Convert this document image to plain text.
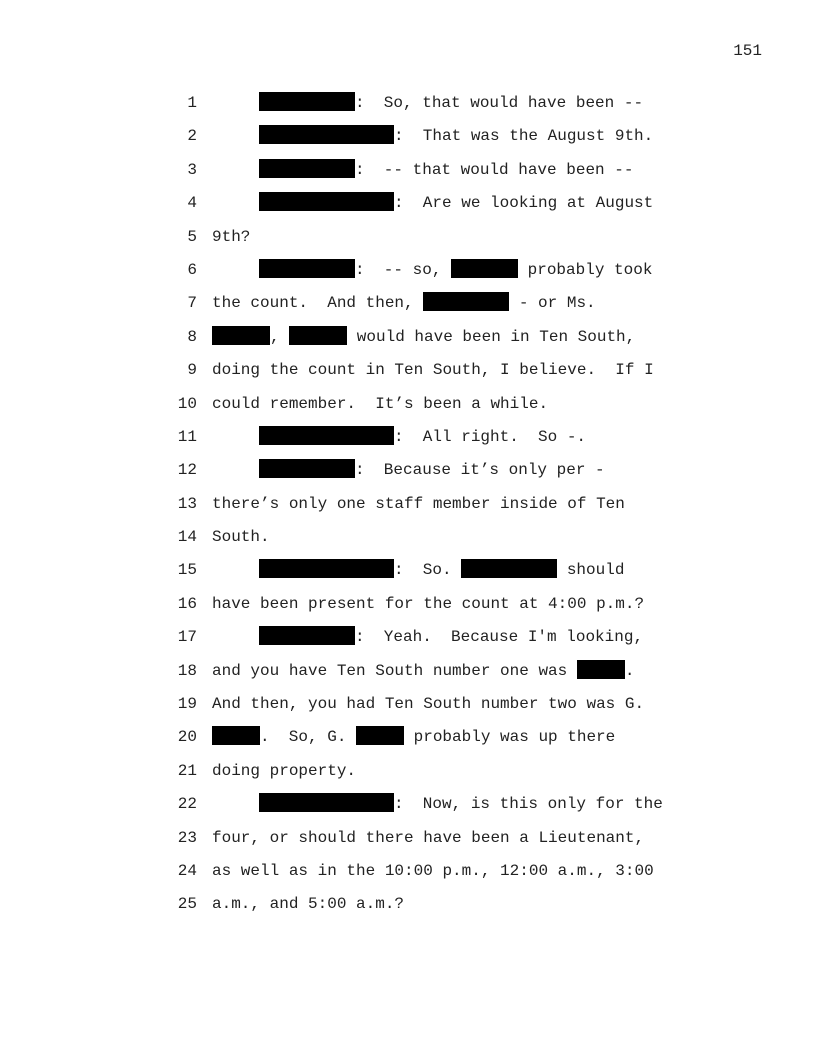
151
1	:  So, that would have been --
2	:  That was the August 9th.
3	:  -- that would have been --
4	:  Are we looking at August
5 9th?
6	:  -- so,	probably took
7 the count.  And then,	- or Ms.
8	,	would have been in Ten South,
9 doing the count in Ten South, I believe.  If I
10 could remember.  It’s been a while.
11	:  All right.  So -.
12	:  Because it’s only per -
13 there’s only one staff member inside of Ten
14 South.
15	:  So.	should
16 have been present for the count at 4:00 p.m.?
17	:  Yeah.  Because I'm looking,
18 and you have Ten South number one was	.
19 And then, you had Ten South number two was G.
20	.  So, G.	probably was up there
21 doing property.
22	:  Now, is this only for the
23 four, or should there have been a Lieutenant,
24 as well as in the 10:00 p.m., 12:00 a.m., 3:00
25 a.m., and 5:00 a.m.?
